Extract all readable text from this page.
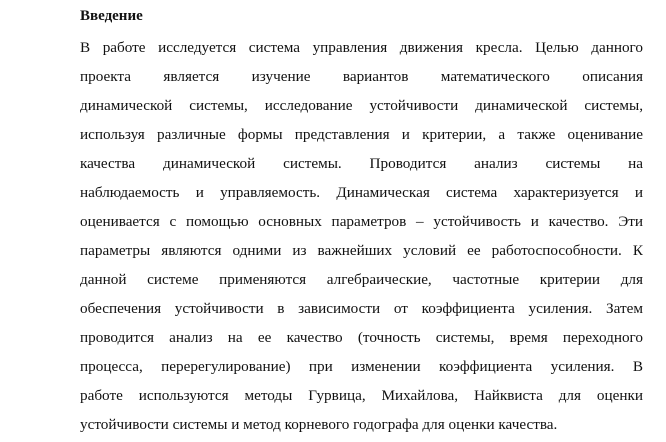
Введение
В работе исследуется система управления движения кресла. Целью данного
проекта является изучение вариантов математического описания
динамической системы, исследование устойчивости динамической системы,
используя различные формы представления и критерии, а также оценивание
качества динамической системы. Проводится анализ системы на
наблюдаемость и управляемость. Динамическая система характеризуется и
оценивается с помощью основных параметров – устойчивость и качество. Эти
параметры являются одними из важнейших условий ее работоспособности. К
данной системе применяются алгебраические, частотные критерии для
обеспечения устойчивости в зависимости от коэффициента усиления. Затем
проводится анализ на ее качество (точность системы, время переходного
процесса, перерегулирование) при изменении коэффициента усиления. В
работе используются методы Гурвица, Михайлова, Найквиста для оценки
устойчивости системы и метод корневого годографа для оценки качества.
